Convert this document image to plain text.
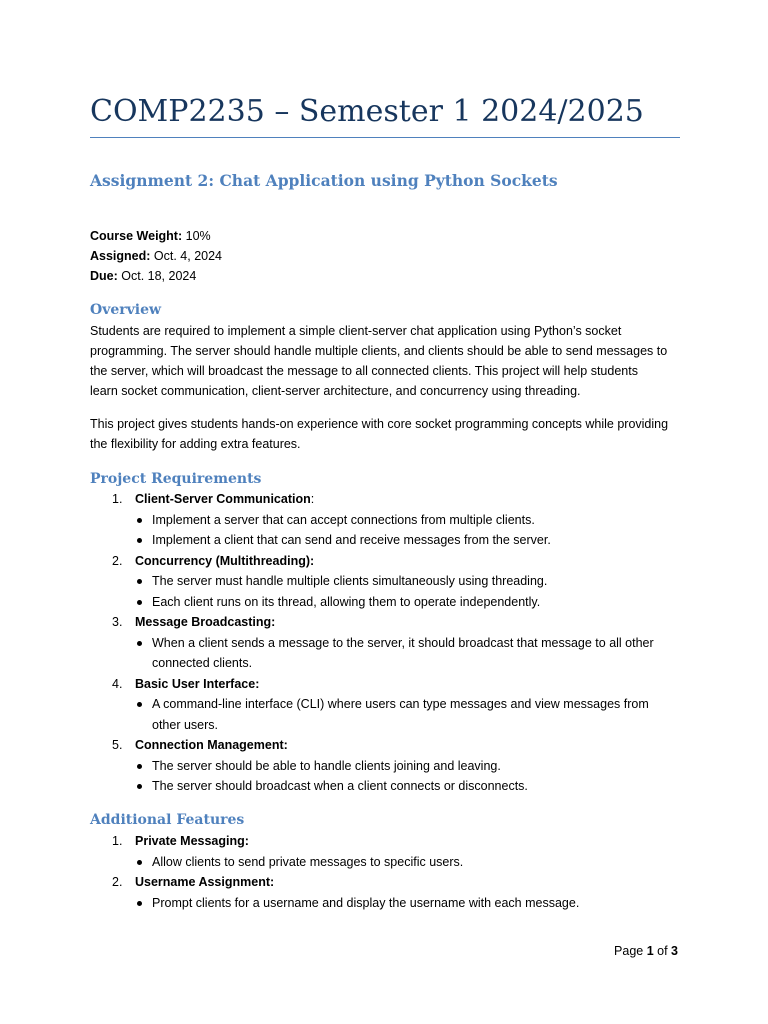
COMP2235 – Semester 1 2024/2025
Assignment 2: Chat Application using Python Sockets
Course Weight: 10%
Assigned: Oct. 4, 2024
Due: Oct. 18, 2024
Overview

Students are required to implement a simple client-server chat application using Python’s socket

programming. The server should handle multiple clients, and clients should be able to send messages to

the server, which will broadcast the message to all connected clients. This project will help students

learn socket communication, client-server architecture, and concurrency using threading.

This project gives students hands-on experience with core socket programming concepts while providing

the flexibility for adding extra features.

Project Requirements
1. Client-Server Communication:
Implement a server that can accept connections from multiple clients.
Implement a client that can send and receive messages from the server.
2. Concurrency (Multithreading):
The server must handle multiple clients simultaneously using threading.
Each client runs on its thread, allowing them to operate independently.
3. Message Broadcasting:
When a client sends a message to the server, it should broadcast that message to all other
connected clients.
4. Basic User Interface:
A command-line interface (CLI) where users can type messages and view messages from
other users.
5. Connection Management:
The server should be able to handle clients joining and leaving.
The server should broadcast when a client connects or disconnects.
Additional Features
1. Private Messaging:
Allow clients to send private messages to specific users.
2. Username Assignment:
Prompt clients for a username and display the username with each message.
Page 1 of 3
